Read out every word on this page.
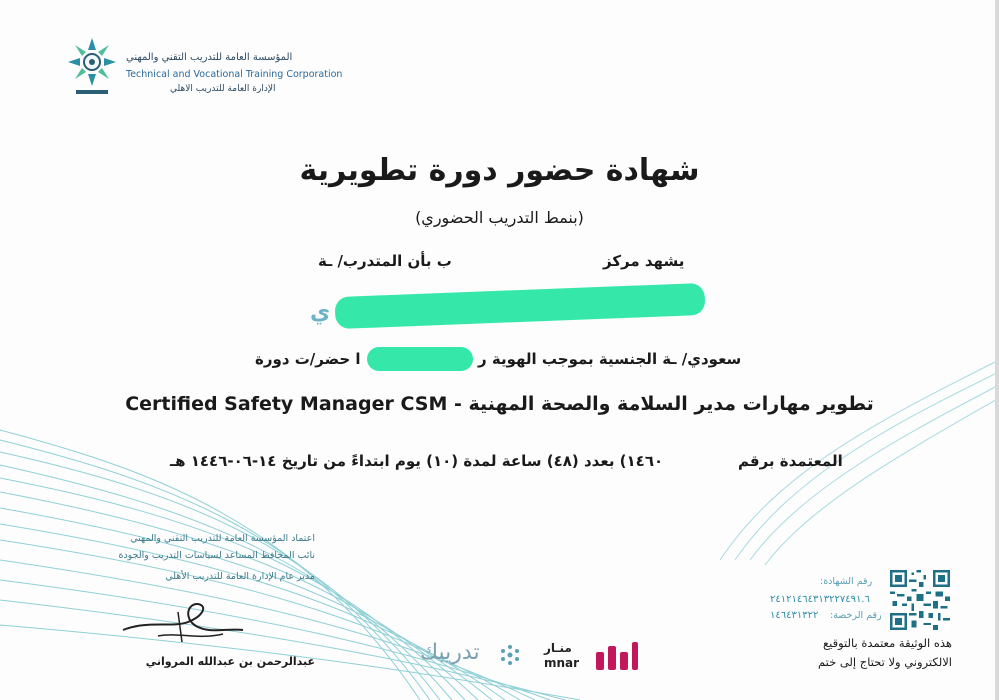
المؤسسة العامة للتدريب التقني والمهني
Technical and Vocational Training Corporation
الإدارة العامة للتدريب الاهلي
شهادة حضور دورة تطويرية
(بنمط التدريب الحضوري)
يشهد مركز
ب بأن المتدرب/ ـة
ي
سعودي/ ـة الجنسية بموجب الهوية ر
ا حضر/ت دورة
تطوير مهارات مدير السلامة والصحة المهنية - Certified Safety Manager CSM
المعتمدة برقم
١٤٦٠) بعدد (٤٨) ساعة لمدة (١٠) يوم ابتداءً من تاريخ ١٤-٠٦-١٤٤٦ هـ
اعتماد المؤسسة العامة للتدريب التقني والمهني
نائب المحافظ المساعد لسياسات التدريب والجودة
مدير عام الإدارة العامة للتدريب الأهلي
عبدالرحمن بن عبدالله المرواني	تدريبك	منـار
mnar
رقم الشهادة:
٢٤١٢١٤٦٤٣١٣٢٢٧٤٩١.٦
رقم الرخصة:
١٤٦٤٣١٣٢٢
هذه الوثيقة معتمدة بالتوقيع
الالكتروني ولا تحتاج إلى ختم
